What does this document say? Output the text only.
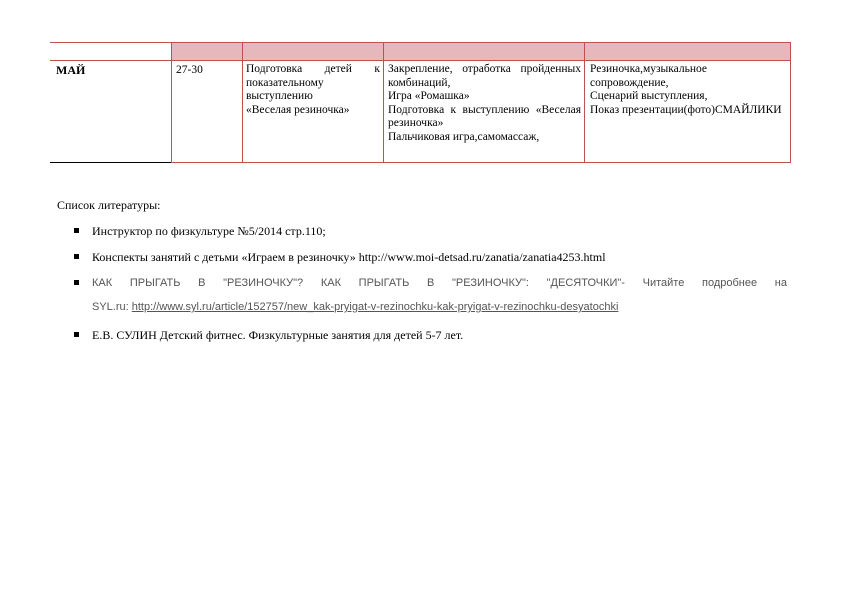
МАЙ	27-30	Подготовка детей к показательному выступлению
«Веселая резиночка»
Закрепление, отработка пройденных комбинаций,
Игра «Ромашка»
Подготовка к выступлению «Веселая резиночка»
Пальчиковая игра,самомассаж,
Резиночка,музыкальное сопровождение,
Сценарий выступления,
Показ презентации(фото)СМАЙЛИКИ
Список литературы:
Инструктор по физкультуре №5/2014 стр.110;
Конспекты занятий с детьми «Играем в резиночку» http://www.moi-detsad.ru/zanatia/zanatia4253.html
КАК ПРЫГАТЬ В "РЕЗИНОЧКУ"? КАК ПРЫГАТЬ В "РЕЗИНОЧКУ": "ДЕСЯТОЧКИ"- Читайте подробнее на
SYL.ru: http://www.syl.ru/article/152757/new_kak-pryigat-v-rezinochku-kak-pryigat-v-rezinochku-desyatochki
Е.В. СУЛИН Детский фитнес. Физкультурные занятия для детей 5-7 лет.
